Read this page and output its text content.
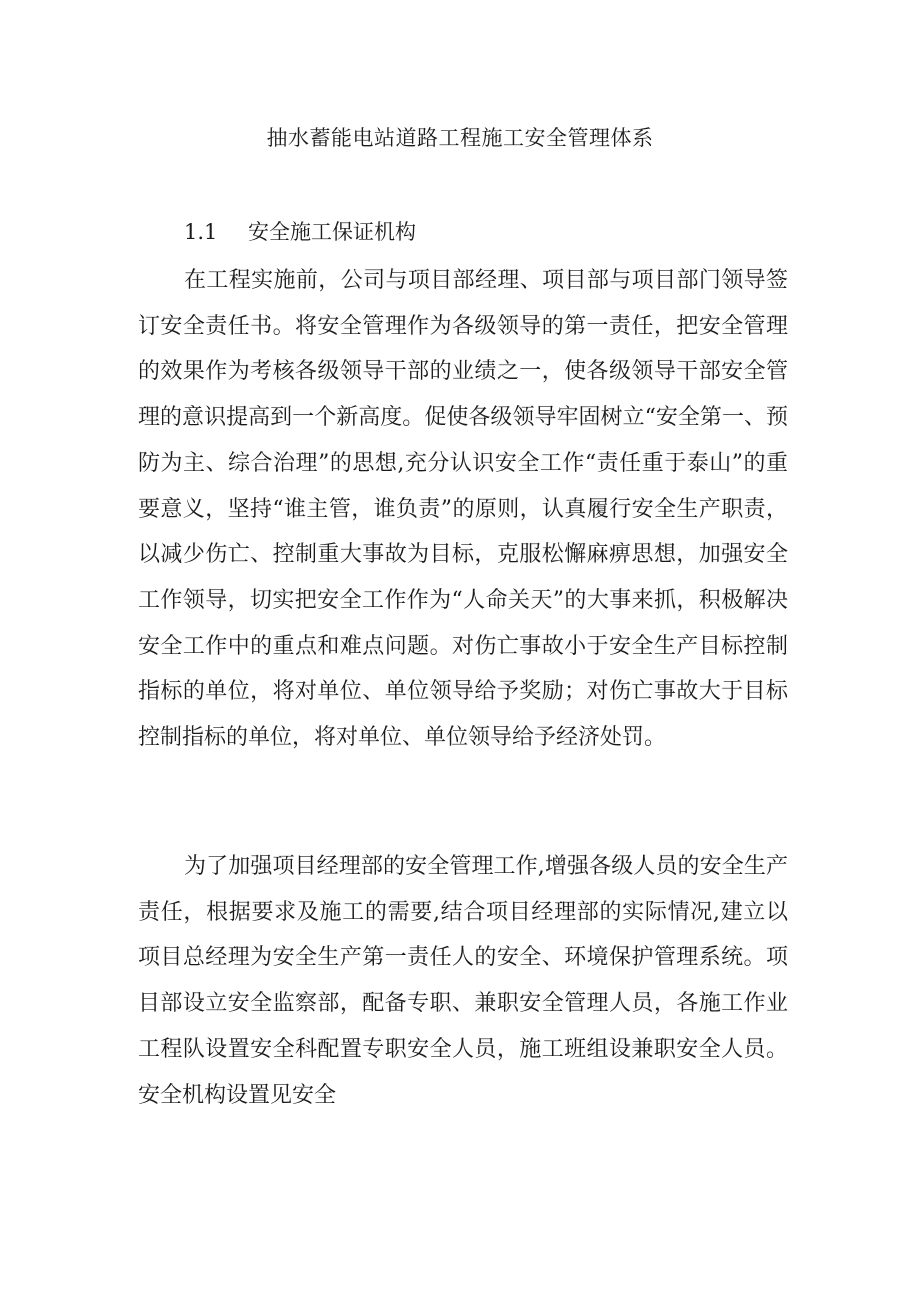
抽水蓄能电站道路工程施工安全管理体系
1.1 安全施工保证机构

在工程实施前，公司与项目部经理、项目部与项目部门领导签订安全责任书。将安全管理作为各级领导的第一责任，把安全管理的效果作为考核各级领导干部的业绩之一，使各级领导干部安全管理的意识提高到一个新高度。促使各级领导牢固树立“安全第一、预防为主、综合治理”的思想,充分认识安全工作“责任重于泰山”的重要意义，坚持“谁主管，谁负责”的原则，认真履行安全生产职责，以减少伤亡、控制重大事故为目标，克服松懈麻痹思想，加强安全工作领导，切实把安全工作作为“人命关天”的大事来抓，积极解决安全工作中的重点和难点问题。对伤亡事故小于安全生产目标控制指标的单位，将对单位、单位领导给予奖励；对伤亡事故大于目标控制指标的单位，将对单位、单位领导给予经济处罚。

为了加强项目经理部的安全管理工作,增强各级人员的安全生产责任，根据要求及施工的需要,结合项目经理部的实际情况,建立以项目总经理为安全生产第一责任人的安全、环境保护管理系统。项目部设立安全监察部，配备专职、兼职安全管理人员，各施工作业工程队设置安全科配置专职安全人员，施工班组设兼职安全人员。安全机构设置见安全
